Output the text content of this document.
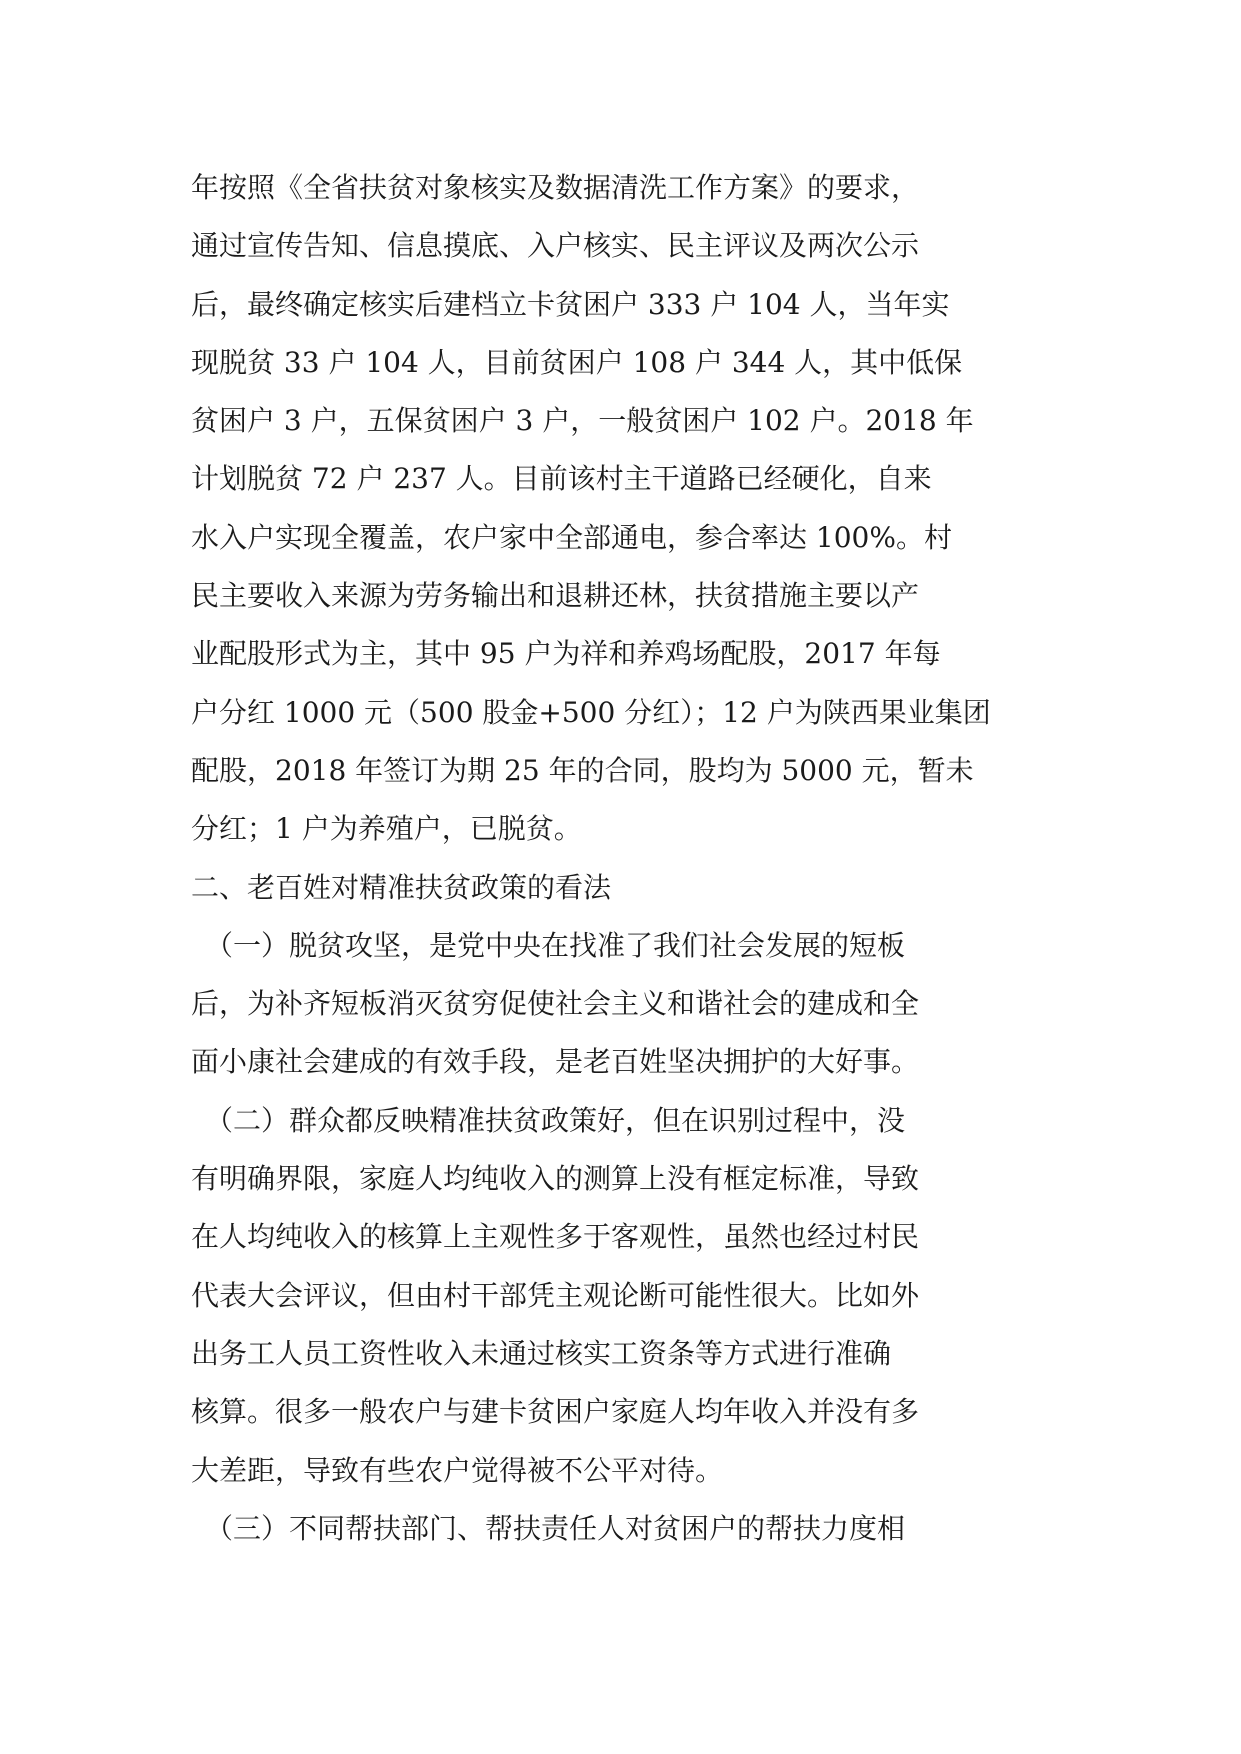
年按照《全省扶贫对象核实及数据清洗工作方案》的要求，
通过宣传告知、信息摸底、入户核实、民主评议及两次公示
后，最终确定核实后建档立卡贫困户 333 户 104 人，当年实
现脱贫 33 户 104 人，目前贫困户 108 户 344 人，其中低保
贫困户 3 户，五保贫困户 3 户，一般贫困户 102 户。2018 年
计划脱贫 72 户 237 人。目前该村主干道路已经硬化，自来
水入户实现全覆盖，农户家中全部通电，参合率达 100%。村
民主要收入来源为劳务输出和退耕还林，扶贫措施主要以产
业配股形式为主，其中 95 户为祥和养鸡场配股，2017 年每
户分红 1000 元（500 股金+500 分红）；12 户为陕西果业集团
配股，2018 年签订为期 25 年的合同，股均为 5000 元，暂未
分红；1 户为养殖户，已脱贫。
二、老百姓对精准扶贫政策的看法
（一）脱贫攻坚，是党中央在找准了我们社会发展的短板
后，为补齐短板消灭贫穷促使社会主义和谐社会的建成和全
面小康社会建成的有效手段，是老百姓坚决拥护的大好事。
（二）群众都反映精准扶贫政策好，但在识别过程中，没
有明确界限，家庭人均纯收入的测算上没有框定标准，导致
在人均纯收入的核算上主观性多于客观性，虽然也经过村民
代表大会评议，但由村干部凭主观论断可能性很大。比如外
出务工人员工资性收入未通过核实工资条等方式进行准确
核算。很多一般农户与建卡贫困户家庭人均年收入并没有多
大差距，导致有些农户觉得被不公平对待。
（三）不同帮扶部门、帮扶责任人对贫困户的帮扶力度相
